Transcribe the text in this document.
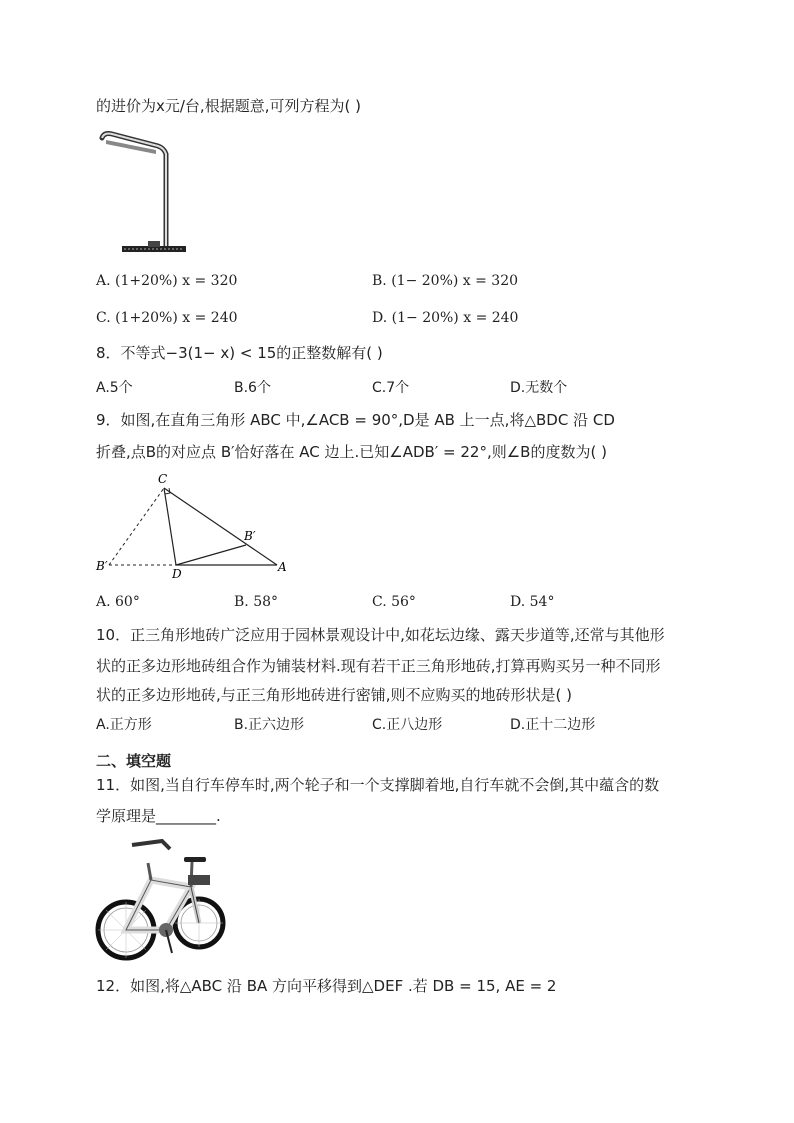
的进价为x元/台,根据题意,可列方程为( )
A. (1+20%) x = 320	B. (1− 20%) x = 320
C. (1+20%) x = 240	D. (1− 20%) x = 240
8．不等式−3(1− x) < 15的正整数解有( )
A.5个	B.6个	C.7个	D.无数个
9．如图,在直角三角形 ABC 中,∠ACB = 90°,D是 AB 上一点,将△BDC 沿 CD
折叠,点B的对应点 B′恰好落在 AC 边上.已知∠ADB′ = 22°,则∠B的度数为( )
C
B′
B′
D	A
A. 60°	B. 58°	C. 56°	D. 54°
10．正三角形地砖广泛应用于园林景观设计中,如花坛边缘、露天步道等,还常与其他形
状的正多边形地砖组合作为铺装材料.现有若干正三角形地砖,打算再购买另一种不同形
状的正多边形地砖,与正三角形地砖进行密铺,则不应购买的地砖形状是( )
A.正方形	B.正六边形	C.正八边形	D.正十二边形
二、填空题
11．如图,当自行车停车时,两个轮子和一个支撑脚着地,自行车就不会倒,其中蕴含的数
学原理是________.
12．如图,将△ABC 沿 BA 方向平移得到△DEF .若 DB = 15, AE = 2
